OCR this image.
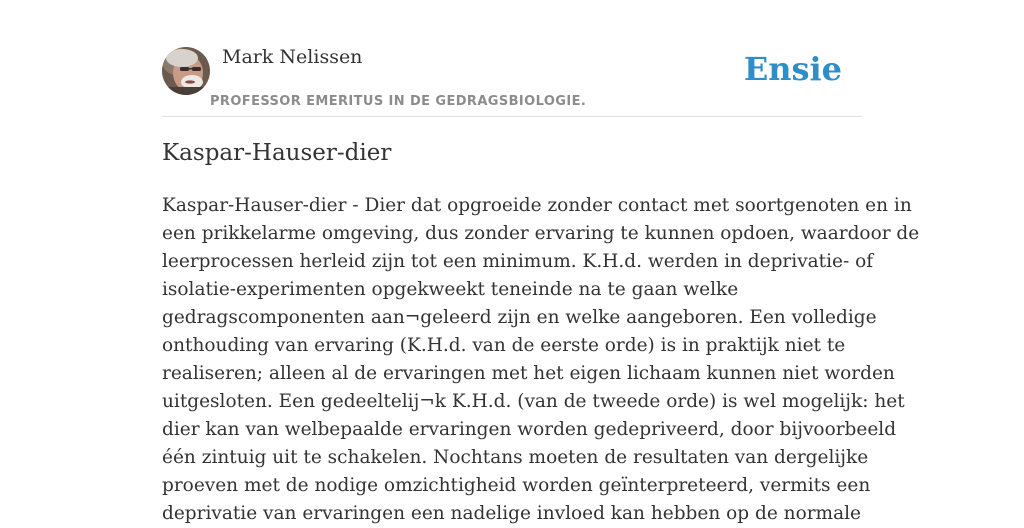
Mark Nelissen
PROFESSOR EMERITUS IN DE GEDRAGSBIOLOGIE.
Ensie
Kaspar-Hauser-dier

Kaspar-Hauser-dier - Dier dat opgroeide zonder contact met soortgenoten en in
een prikkelarme omgeving, dus zonder ervaring te kunnen opdoen, waardoor de
leerprocessen herleid zijn tot een minimum. K.H.d. werden in deprivatie- of
isolatie-experimenten opgekweekt teneinde na te gaan welke
gedragscomponenten aan¬geleerd zijn en welke aangeboren. Een volledige
onthouding van ervaring (K.H.d. van de eerste orde) is in praktijk niet te
realiseren; alleen al de ervaringen met het eigen lichaam kunnen niet worden
uitgesloten. Een gedeeltelij¬k K.H.d. (van de tweede orde) is wel mogelijk: het
dier kan van welbepaalde ervaringen worden gedepriveerd, door bijvoorbeeld
één zintuig uit te schakelen. Nochtans moeten de resultaten van dergelijke
proeven met de nodige omzichtigheid worden geïnterpreteerd, vermits een
deprivatie van ervaringen een nadelige invloed kan hebben op de normale
